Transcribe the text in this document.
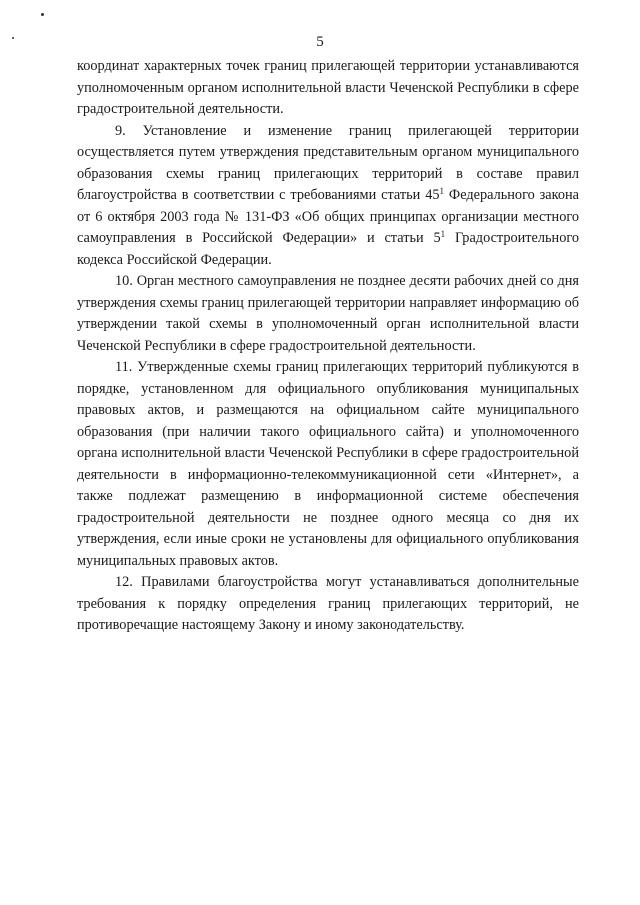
5

координат характерных точек границ прилегающей территории устанавливаются уполномоченным органом исполнительной власти Чеченской Республики в сфере градостроительной деятельности.

9. Установление и изменение границ прилегающей территории осуществляется путем утверждения представительным органом муниципального образования схемы границ прилегающих территорий в составе правил благоустройства в соответствии с требованиями статьи $45^1$ Федерального закона от 6 октября 2003 года № 131-ФЗ «Об общих принципах организации местного самоуправления в Российской Федерации» и статьи $5^1$ Градостроительного кодекса Российской Федерации.

10. Орган местного самоуправления не позднее десяти рабочих дней со дня утверждения схемы границ прилегающей территории направляет информацию об утверждении такой схемы в уполномоченный орган исполнительной власти Чеченской Республики в сфере градостроительной деятельности.

11. Утвержденные схемы границ прилегающих территорий публикуются в порядке, установленном для официального опубликования муниципальных правовых актов, и размещаются на официальном сайте муниципального образования (при наличии такого официального сайта) и уполномоченного органа исполнительной власти Чеченской Республики в сфере градостроительной деятельности в информационно-телекоммуникационной сети «Интернет», а также подлежат размещению в информационной системе обеспечения градостроительной деятельности не позднее одного месяца со дня их утверждения, если иные сроки не установлены для официального опубликования муниципальных правовых актов.

12. Правилами благоустройства могут устанавливаться дополнительные требования к порядку определения границ прилегающих территорий, не противоречащие настоящему Закону и иному законодательству.
